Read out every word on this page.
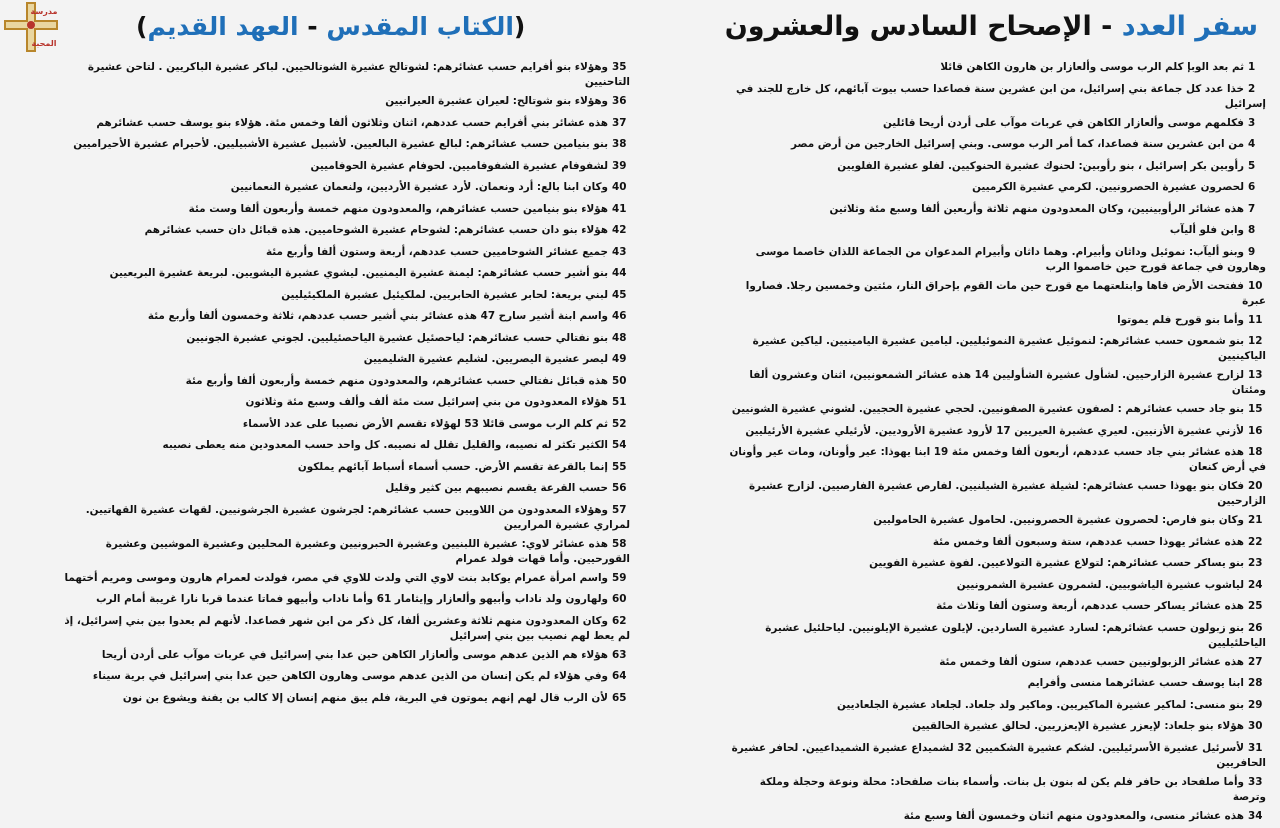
مدرسة
المحبة
(الكتاب المقدس - العهد القديم)	سفر العدد - الإصحاح السادس والعشرون
1ثم بعد الوبإ كلم الرب موسى وألعازار بن هارون الكاهن قائلا
2خذا عدد كل جماعة بني إسرائيل، من ابن عشرين سنة فصاعدا حسب بيوت آبائهم، كل خارج للجند في إسرائيل
3فكلمهم موسى وألعازار الكاهن في عربات موآب على أردن أريحا قائلين
4من ابن عشرين سنة فصاعدا، كما أمر الرب موسى. وبني إسرائيل الخارجين من أرض مصر
5رأوبين بكر إسرائيل ، بنو رأوبين: لحنوك عشيرة الحنوكيين. لفلو عشيرة الفلويين
6لحصرون عشيرة الحصرونيين. لكرمي عشيرة الكرميين
7هذه عشائر الرأوبينيين، وكان المعدودون منهم ثلاثة وأربعين ألفا وسبع مئة وثلاثين
8وابن فلو أليآب
9وبنو أليآب: نموئيل وداثان وأبيرام. وهما داثان وأبيرام المدعوان من الجماعة اللذان خاصما موسى وهارون في جماعة قورح حين خاصموا الرب
10ففتحت الأرض فاها وابتلعتهما مع قورح حين مات القوم بإحراق النار، مئتين وخمسين رجلا. فصاروا عبرة
11وأما بنو قورح فلم يموتوا
12بنو شمعون حسب عشائرهم: لنموئيل عشيرة النموئيليين. ليامين عشيرة اليامينيين. لياكين عشيرة الياكينيين
13لزارح عشيرة الزارحيين. لشأول عشيرة الشأوليين 14 هذه عشائر الشمعونيين، اثنان وعشرون ألفا ومئتان
15بنو جاد حسب عشائرهم : لصفون عشيرة الصفونيين. لحجي عشيرة الحجيين. لشوني عشيرة الشونيين
16لأزني عشيرة الأزنيين. لعيري عشيرة العيريين 17 لأرود عشيرة الأروديين. لأرئيلي عشيرة الأرئيليين
18هذه عشائر بني جاد حسب عددهم، أربعون ألفا وخمس مئة 19 ابنا يهوذا: عير وأونان، ومات عير وأونان في أرض كنعان
20فكان بنو يهوذا حسب عشائرهم: لشيلة عشيرة الشيلنيين. لفارص عشيرة الفارصيين. لزارح عشيرة الزارحيين
21وكان بنو فارص: لحصرون عشيرة الحصرونيين. لحامول عشيرة الحاموليين
22هذه عشائر يهوذا حسب عددهم، ستة وسبعون ألفا وخمس مئة
23بنو يساكر حسب عشائرهم: لتولاع عشيرة التولاعيين. لفوة عشيرة الفويين
24لياشوب عشيرة الياشوبيين. لشمرون عشيرة الشمرونيين
25هذه عشائر يساكر حسب عددهم، أربعة وستون ألفا وثلاث مئة
26بنو زبولون حسب عشائرهم: لسارد عشيرة الساردين. لإيلون عشيرة الإيلونيين. لياحلئيل عشيرة الياحلئيليين
27هذه عشائر الزبولونيين حسب عددهم، ستون ألفا وخمس مئة
28ابنا يوسف حسب عشائرهما منسى وأفرايم
29بنو منسى: لماكير عشيرة الماكيريين. وماكير ولد جلعاد. لجلعاد عشيرة الجلعاديين
30هؤلاء بنو جلعاد: لإيعزر عشيرة الإيعزريين. لحالق عشيرة الحالقيين
31لأسرئيل عشيرة الأسرئيليين. لشكم عشيرة الشكميين 32 لشميداع عشيرة الشميداعيين. لحافر عشيرة الحافريين
33وأما صلفحاد بن حافر فلم يكن له بنون بل بنات. وأسماء بنات صلفحاد: محلة ونوعة وحجلة وملكة وترصة
34هذه عشائر منسى، والمعدودون منهم اثنان وخمسون ألفا وسبع مئة
35وهؤلاء بنو أفرايم حسب عشائرهم: لشوتالح عشيرة الشوتالحيين. لباكر عشيرة الباكريين . لتاحن عشيرة التاحنيين
36وهؤلاء بنو شوتالح: لعيران عشيرة العيرانيين
37هذه عشائر بني أفرايم حسب عددهم، اثنان وثلاثون ألفا وخمس مئة. هؤلاء بنو يوسف حسب عشائرهم
38بنو بنيامين حسب عشائرهم: لبالع عشيرة البالعيين. لأشبيل عشيرة الأشبيليين. لأحيرام عشيرة الأحيراميين
39لشفوفام عشيرة الشفوفاميين. لحوفام عشيرة الحوفاميين
40وكان ابنا بالع: أرد ونعمان. لأرد عشيرة الأرديين، ولنعمان عشيرة النعمانيين
41هؤلاء بنو بنيامين حسب عشائرهم، والمعدودون منهم خمسة وأربعون ألفا وست مئة
42هؤلاء بنو دان حسب عشائرهم: لشوحام عشيرة الشوحاميين. هذه قبائل دان حسب عشائرهم
43جميع عشائر الشوحاميين حسب عددهم، أربعة وستون ألفا وأربع مئة
44بنو أشير حسب عشائرهم: ليمنة عشيرة اليمنيين. ليشوي عشيرة اليشويين. لبريعة عشيرة البريعيين
45لبني بريعة: لحابر عشيرة الحابريين. لملكيئيل عشيرة الملكيئيليين
46واسم ابنة أشير سارح 47 هذه عشائر بني أشير حسب عددهم، ثلاثة وخمسون ألفا وأربع مئة
48بنو نفتالي حسب عشائرهم: لياحصئيل عشيرة الياحصئيليين. لجوني عشيرة الجونيين
49ليصر عشيرة اليصريين. لشليم عشيرة الشليميين
50هذه قبائل نفتالي حسب عشائرهم، والمعدودون منهم خمسة وأربعون ألفا وأربع مئة
51هؤلاء المعدودون من بني إسرائيل ست مئة ألف وألف وسبع مئة وثلاثون
52ثم كلم الرب موسى قائلا 53 لهؤلاء تقسم الأرض نصيبا على عدد الأسماء
54الكثير تكثر له نصيبه، والقليل تقلل له نصيبه. كل واحد حسب المعدودين منه يعطى نصيبه
55إنما بالقرعة تقسم الأرض. حسب أسماء أسباط آبائهم يملكون
56حسب القرعة يقسم نصيبهم بين كثير وقليل
57وهؤلاء المعدودون من اللاويين حسب عشائرهم: لجرشون عشيرة الجرشونيين. لقهات عشيرة القهاتيين. لمراري عشيرة المراريين
58هذه عشائر لاوي: عشيرة اللبنيين وعشيرة الحبرونيين وعشيرة المحليين وعشيرة الموشيين وعشيرة القورحيين. وأما قهات فولد عمرام
59واسم امرأة عمرام يوكابد بنت لاوي التي ولدت للاوي في مصر، فولدت لعمرام هارون وموسى ومريم أختهما
60ولهارون ولد ناداب وأبيهو وألعازار وإيثامار 61 وأما ناداب وأبيهو فماتا عندما قربا نارا غريبة أمام الرب
62وكان المعدودون منهم ثلاثة وعشرين ألفا، كل ذكر من ابن شهر فصاعدا. لأنهم لم يعدوا بين بني إسرائيل، إذ لم يعط لهم نصيب بين بني إسرائيل
63هؤلاء هم الذين عدهم موسى وألعازار الكاهن حين عدا بني إسرائيل في عربات موآب على أردن أريحا
64وفي هؤلاء لم يكن إنسان من الذين عدهم موسى وهارون الكاهن حين عدا بني إسرائيل في برية سيناء
65لأن الرب قال لهم إنهم يموتون في البرية، فلم يبق منهم إنسان إلا كالب بن يفنة ويشوع بن نون
